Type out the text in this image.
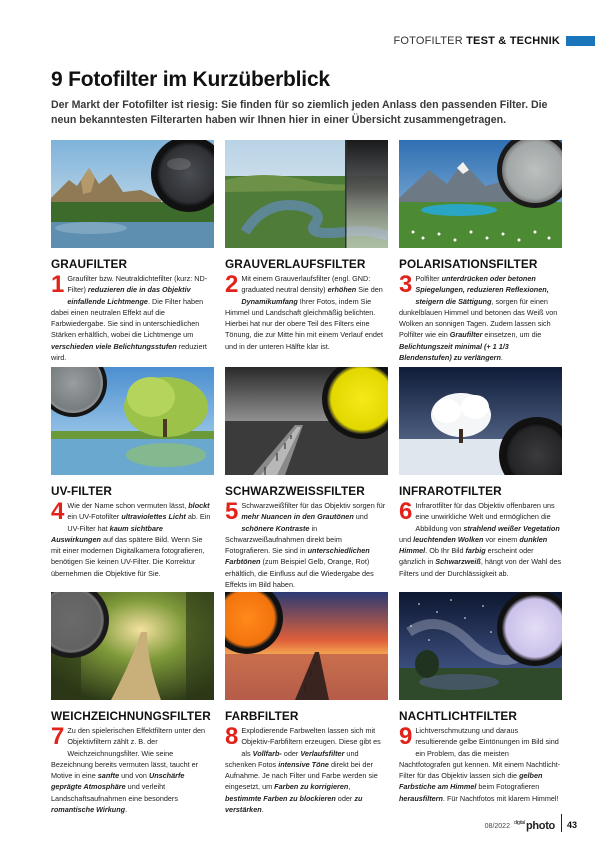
FOTOFILTER TEST & TECHNIK
9 Fotofilter im Kurzüberblick

Der Markt der Fotofilter ist riesig: Sie finden für so ziemlich jeden Anlass den passenden Filter. Die neun bekanntesten Filterarten haben wir Ihnen hier in einer Übersicht zusammengetragen.

GRAUFILTER
1 Graufilter bzw. Neutraldichtefilter (kurz: ND-Filter) reduzieren die in das Objektiv einfallende Lichtmenge. Die Filter haben dabei einen neutralen Effekt auf die Farbwiedergabe. Sie sind in unterschiedlichen Stärken erhältlich, wobei die Lichtmenge um verschieden viele Belichtungsstufen reduziert wird.
GRAUVERLAUFSFILTER
2 Mit einem Grauverlaufsfilter (engl. GND: graduated neutral density) erhöhen Sie den Dynamikumfang Ihrer Fotos, indem Sie Himmel und Landschaft gleichmäßig belichten. Hierbei hat nur der obere Teil des Filters eine Tönung, die zur Mitte hin mit einem Verlauf endet und in der unteren Hälfte klar ist.
POLARISATIONSFILTER
3 Polfilter unterdrücken oder betonen Spiegelungen, reduzieren Reflexionen, steigern die Sättigung, sorgen für einen dunkelblauen Himmel und betonen das Weiß von Wolken an sonnigen Tagen. Zudem lassen sich Polfilter wie ein Graufilter einsetzen, um die Belichtungszeit minimal (+ 1 1/3 Blendenstufen) zu verlängern.
UV-FILTER
4 Wie der Name schon vermuten lässt, blockt ein UV-Fotofilter ultraviolettes Licht ab. Ein UV-Filter hat kaum sichtbare Auswirkungen auf das spätere Bild. Wenn Sie mit einer modernen Digitalkamera fotografieren, benötigen Sie keinen UV-Filter. Die Korrektur übernehmen die Objektive für Sie.
SCHWARZWEISSFILTER
5 Schwarzweißfilter für das Objektiv sorgen für mehr Nuancen in den Grautönen und schönere Kontraste in Schwarzweißaufnahmen direkt beim Fotografieren. Sie sind in unterschiedlichen Farbtönen (zum Beispiel Gelb, Orange, Rot) erhältlich, die Einfluss auf die Wiedergabe des Effekts im Bild haben.
INFRAROTFILTER
6 Infrarotfilter für das Objektiv offenbaren uns eine unwirkliche Welt und ermöglichen die Abbildung von strahlend weißer Vegetation und leuchtenden Wolken vor einem dunklen Himmel. Ob Ihr Bild farbig erscheint oder gänzlich in Schwarzweiß, hängt von der Wahl des Filters und der Durchlässigkeit ab.
WEICHZEICHNUNGSFILTER
7 Zu den spielerischen Effektfiltern unter den Objektivfiltern zählt z. B. der Weichzeichnungsfilter. Wie seine Bezeichnung bereits vermuten lässt, taucht er Motive in eine sanfte und von Unschärfe geprägte Atmosphäre und verleiht Landschaftsaufnahmen eine besonders romantische Wirkung.
FARBFILTER
8 Explodierende Farbwelten lassen sich mit Objektiv-Farbfiltern erzeugen. Diese gibt es als Vollfarb- oder Verlaufsfilter und schenken Fotos intensive Töne direkt bei der Aufnahme. Je nach Filter und Farbe werden sie eingesetzt, um Farben zu korrigieren, bestimmte Farben zu blockieren oder zu verstärken.
NACHTLICHTFILTER
9 Lichtverschmutzung und daraus resultierende gelbe Eintönungen im Bild sind ein Problem, das die meisten Nachtfotografen gut kennen. Mit einem Nachtlicht-Filter für das Objektiv lassen sich die gelben Farbstiche am Himmel beim Fotografieren herausfiltern. Für Nachtfotos mit klarem Himmel!
08/2022 $^{digital}$photo 43
